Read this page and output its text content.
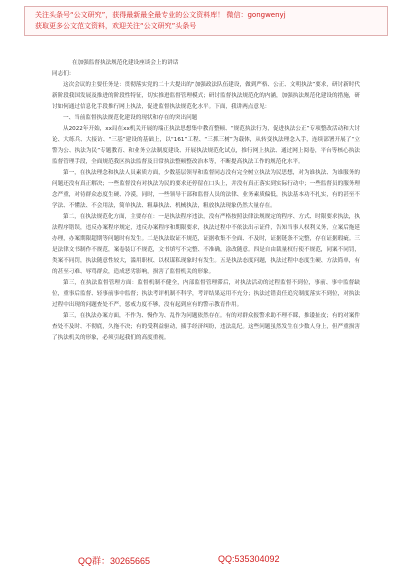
关注头条号“公文研究”，获得最新最全最专业的公文资料库！ 微信：gongwenyj
获取更多公文范文资料，欢迎关注“公文研究”头条号

在加强监督执法规范化建设座谈会上的讲话

同志们：

这次会议的主要任务是：贯彻落实党的二十大提出的“加强政法队伍建设，做到严格、公正、文明执法”要求，研讨新时代新阶段我国发展及推进的阶段性特征，切实推进监督管理模式；研讨监督执法规范化的内涵，加强执法规范化建设的措施，研讨如何通过信息化手段推行网上执法，促进监督执法规范化水平。下面，我讲两点意见：

一、当前监督执法规范化建设的现状和存在的突出问题

从2022年开始，xx局在xx机关开展的端正执法思想集中教育整顿、“规范执法行为，促进执法公正”专项整改活动和大讨论、大练兵、大接访、“三基”建设的基础上，以“161”工程、“三抓三树”为载体，从转变执法理念入手，连续部署开展了“立警为公、执法为民”专题教育、和业务立法制度建设、开展执法规范化试点，推行网上执法、通过网上阅卷，平台等核心执法监督管理手段，全面规范我区执法监督及日常执法整顿整改治本等，不断提高执法工作的规范化水平。

第一，在执法理念和执法人员素质方面，少数基层领导和监督同志没有完全树立执法为民思想，对为谁执法、为谁服务的问题还没有真正解决；一些监督没有对执法为民的要求还停留在口头上，并没有真正落实到实际行动中；一些监督员的服务理念严重，对待群众态度生硬、冷漠，同时，一些领导干部和监督人员的法律、业务素质偏低，执法基本功不扎实，有的甚至不学法、不懂法、不会用法，简单执法、粗暴执法、机械执法，粗放执法现象仍然大量存在。

第二，在执法规范化方面，主要存在：一是执法程序违法，没有严格按照法律法规规定的程序、方式、时限要求执法，执法程序错误，违反办案程序规定，违反办案程序和期限要求，执法过程中不依法出示证件，告知当事人权利义务，立案后拖延办理，办案期限超期等问题时有发生。二是执法取证不规范，证据收集不全面、不及时，证据链条不完整，存在证据瑕疵。三是法律文书制作不规范，案卷装订不规范，文书填写不完整、不准确，涂改随意。四是自由裁量权行使不规范，同案不同罚，类案不同罚，执法随意性较大，滥用职权、以权谋私现象时有发生。五是执法态度问题，执法过程中态度生硬、方法简单，有的甚至刁难、辱骂群众，造成恶劣影响，损害了监督机关的形象。

第三，在执法监督管理方面：监督机制不健全，内部监督管理滞后，对执法活动的过程监督不到位，事前、事中监督缺位，重事后监督、轻事前事中监督；执法考评机制不科学，考评结果运用不充分；执法过错责任追究制度落实不到位，对执法过程中出现的问题查处不严，惩戒力度不够，没有起到应有的警示教育作用。

第三，在执法办案方面，不作为、慢作为、乱作为问题依然存在。有的对群众报警求助不理不睬，推诿扯皮；有的对案件查处不及时、不彻底，久拖不决；有的受利益驱动，插手经济纠纷，违法乱纪。这些问题虽然发生在少数人身上，但严重损害了执法机关的形象，必须引起我们的高度重视。

QQ群：30265665	QQ:535304092
